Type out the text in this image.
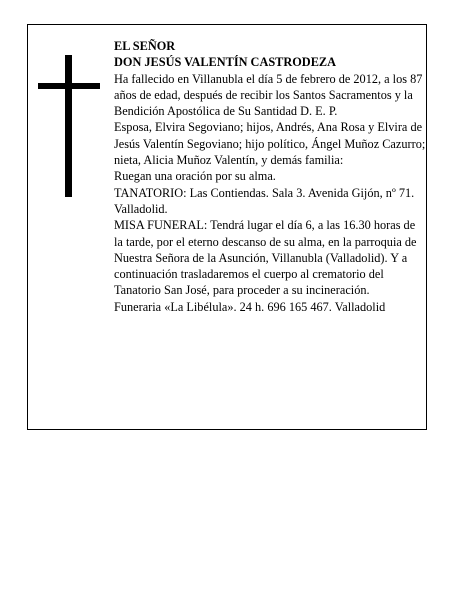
EL SEÑOR

DON JESÚS VALENTÍN CASTRODEZA

Ha fallecido en Villanubla el día 5 de febrero de 2012, a los 87 años de edad, después de recibir los Santos Sacramentos y la Bendición Apostólica de Su Santidad D. E. P.

Esposa, Elvira Segoviano; hijos, Andrés, Ana Rosa y Elvira de Jesús Valentín Segoviano; hijo político, Ángel Muñoz Cazurro; nieta, Alicia Muñoz Valentín, y demás familia:

Ruegan una oración por su alma.

TANATORIO: Las Contiendas. Sala 3. Avenida Gijón, nº 71. Valladolid.

MISA FUNERAL: Tendrá lugar el día 6, a las 16.30 horas de la tarde, por el eterno descanso de su alma, en la parroquia de Nuestra Señora de la Asunción, Villanubla (Valladolid). Y a continuación trasladaremos el cuerpo al crematorio del Tanatorio San José, para proceder a su incineración.

Funeraria «La Libélula». 24 h. 696 165 467. Valladolid
